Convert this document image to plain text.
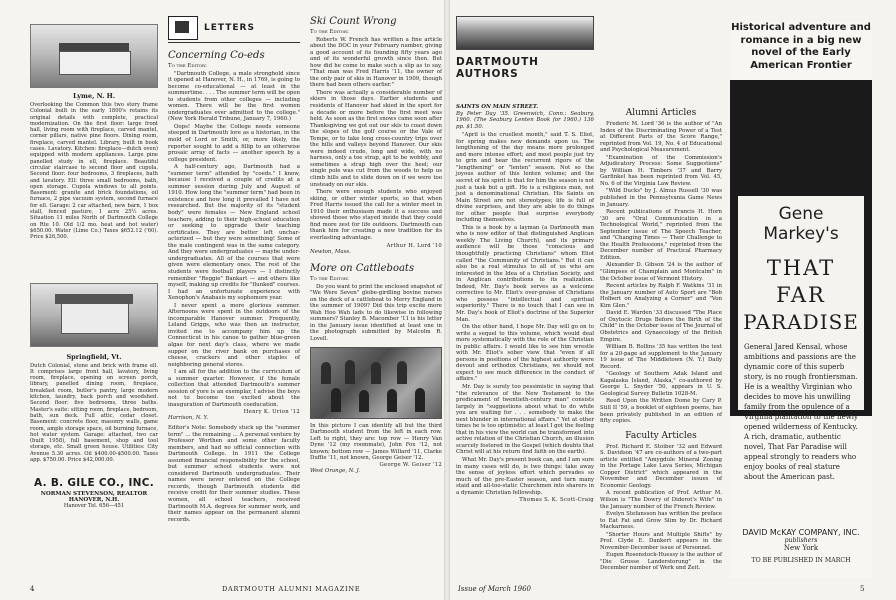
Lyme, N. H.
Overlooking the Common this two story frame Colonial built in the early 1800's retains its original details with complete, practical modernization. On the first floor: large front hall, living room with fireplace, carved mantel, corner pillars, native pine floors. Dining room, fireplace, carved mantel. Library, built in book cases. Lavatory. Kitchen: fireplace—dutch oven) equipped with modern appliances. Large pine panelled study in ell, fireplace. Beautiful circular staircase to second floor and cupola. Second floor: four bedrooms, 3 fireplaces, bath and lavatory. Ell: three small bedrooms, bath, open storage. Cupola windows to all points. Basement: granite and brick foundations, oil furnace, 2 pipe vacuum system, second furnace for ell. Garage: 2 car attached, new barn, 1 box stall, fenced pasture, 1 acre 25½ acres. Situation 11 miles North of Dartmouth College on Rte 10. Old 1/2 mo. heat and hot water) $650.00. Water (Lime Co.) Taxes $652.12 ('60). Price $26,500.
Springfield, Vt.
Dutch Colonial, stone and brick with frame ell. It comprises large front hall, lavatory, living room, fireplace, opening on screen porch, library, panelled dining room, fireplace, breakfast room, butler's pantry, large modern kitchen, laundry, back porch and woodshed. Second floor: five bedrooms, three baths. Master's suite: sitting room, fireplace, bedroom, bath, sun deck. Full attic, cedar closet. Basement: concrete floor, masonry walls, game room, ample storage space, oil burning furnace, hot water system. Garage: attached, two car (built 1958), full basement, shop and tool storage, etc. Small green house. Utilities: City Avenue 5.30 acres. Oil $400.00-$500.00. Taxes app. $750.00. Price $42,000.00.
A. B. GILE CO., INC.
NORMAN STEVENSON, REALTOR
HANOVER, N.H.
Hanover Tel. 656—451
LETTERS
Concerning Co-eds
To the Editor:

"Dartmouth College, a male stronghold since it opened at Hanover, N. H., in 1769, is going to become co-educational — at least in the summertime. . . . The summer term will be open to students from other colleges — including women. There will be the first women undergraduates ever admitted to the college." (New York Herald Tribune, January 7, 1960.)

Oops! Maybe the College needs someone steeped in Dartmouth lore as a historian, in the mold of Lord or Smith, or, more likely, the reporter sought to add a fillip to an otherwise prosaic array of facts — another speech by a college president.

A half-century ago, Dartmouth had a "summer term" attended by "coeds." I know, because I received a couple of credits at a summer session during July and August of 1910. How long the "summer term" had been in existence and how long it prevailed I have not researched. But the majority of its "student body" were females — New England school teachers, adding to their high-school education or seeking to upgrade their teaching certificates. They are better left unchar-acterized — but they were something! Some of the male contingent was in the same category. And they were undergraduates — maybe under-undergraduates. All of the courses that were given were elementary ones. The rest of the students were football players — I distinctly remember "Reggie" Bankart — and others like myself, making up credits for "flunked" courses. I had an unfortunate experience with Xenophon's Anabasis my sophomore year.

I never spent a more glorious summer. Afternoons were spent in the outdoors of the incomparable Hanover summer. Frequently, Leland Griggs, who was then an instructor, invited me to accompany him up the Connecticut in his canoe to gather blue-green algae for next day's class, where we made supper on the river bank on purchases of cheese, crackers and other staples of neighboring general stores.

I am all for the addition to the curriculum of a summer quarter. However, if the female collection that attended Dartmouth's summer session of yore is an exemplar, I advise the boys not to become too excited about the inauguration of Dartmouth coeducation.

Henry K. Urion '12
Harrison, N. Y.
Editor's Note: Somebody stuck up the "summer term" ... the remaining ... A personal venture by Professor Worthen and some other faculty members, and had no official connection with Dartmouth College. In 1911 the College assumed financial responsibility for the school, but summer school students were not considered Dartmouth undergraduates. Their names were never entered on the College records, though Dartmouth students did receive credit for their summer studies. These women, all school teachers, received Dartmouth M.A. degrees for summer work, and their names appear on the permanent alumni records.
Ski Count Wrong
To the Editor:

Roberts W. French has written a fine article about the DOC in your February number, giving a good account of its founding fifty years ago and of its wonderful growth since then. But how did he come to make such a slip as to say, "That man was Fred Harris '11, the owner of the only pair of skis in Hanover in 1909, though there had been others earlier."

There was actually a considerable number of skiers in those days. Earlier students and residents of Hanover had skied in the sport for a decade or more before the first meet was held. As soon as the first snows came soon after Thanksgiving we got out our skis to coast down the slopes of the golf course or the Vale of Tempe, or to take long cross-country trips over the hills and valleys beyond Hanover. Our skis were indeed crude, long and wide, with no harness, only a toe strap, apt to be wobbly, and sometimes a strap high over the heel; our single pole was cut from the woods to help us climb hills and to slide down on if we were too unsteady on our skis.

There were enough students who enjoyed skiing, or other winter sports, so that when Fred Harris issued the call for a winter meet in 1910 their enthusiasm made it a success and showed those who stayed inside that they could find more zest for life outdoors. Dartmouth can thank him for creating a new tradition for its everlasting advantage.

Arthur H. Lord '10
Newton, Mass.
More on Cattleboats
To the Editor:

Do you want to print the enclosed snapshot of "We Were Seven" globe-girdling bovine nurses on the deck of a cattleboat to Merry England in the summer of 1909? Did this trip excite more Wah Hoo Wah lads to do likewise in following summers? Stanley B. Macomber '11 is his letter in the January issue identified at least one in the photograph submitted by Malcolm R. Lovell.

In this picture I can identify all but the third Dartmouth student from the left in each row. Left to right, they are: top row — Henry Van Dyne '12 (my roommate), John Fox '12, not known; bottom row — James Willard '11, Clarke Duffie '11, not known, George Geiser '12.
George W. Geiser '12
West Orange, N. J.
4	DARTMOUTH ALUMNI MAGAZINE
DARTMOUTH AUTHORS
SAINTS ON MAIN STREET.
By Peter Day '35. Greenwich, Conn.: Seabury, 1960. (The Seabury Lenten Book for 1960.) 136 pp. $1.50.

"April is the cruellest month," said T. S. Eliot, for spring makes new demands upon us. The lengthening of the day means more prolonged and more intense effort; and most people just try to grin and bear the recurrent rigors of the "lengthening" or "lenten" season. Not so the joyous author of this lenten volume; and the secret of his spirit is that for him the season is not just a task but a gift. He is a religious man, not just a denominational Christian. His Saints on Main Street are not stereotypes; life is full of divine surprises, and they are able to do things for other people that surprise everybody including themselves.

This is a book by a layman (a Dartmouth man who is now editor of that distinguished Anglican weekly The Living Church), and its primary audience will be those "conscious and thoughtfully practicing Christians" whom Eliot called "the Community of Christians." But it can also be a real stimulus to all of us who are interested in the Idea of a Christian Society, and in Anglican contributions to its realization. Indeed, Mr. Day's book serves as a welcome corrective to Mr. Eliot's over-praise of Christians who possess "intellectual and spiritual superiority." There is no touch that I can see in Mr. Day's book of Eliot's doctrine of the Superior Man.

On the other hand, I hope Mr. Day will go on to write a sequel to this volume, which would deal more systematically with the role of the Christian in public affairs. I would like to see him wrestle with Mr. Eliot's sober view that "even if all persons in positions of the highest authority were devout and orthodox Christians, we should not expect to see much difference in the conduct of affairs."

Mr. Day is surely too pessimistic in saying that "the relevance of the New Testament to the predicament of twentieth-century man" consists largely in "suggestions about what to do while you are waiting for . . . somebody to make the next blunder in international affairs." Yet at other times he is too optimistic: at least I got the feeling that in his view the world can be transformed into active relation of the Christian Church, an illusion scarcely fostered in the Gospel (which doubts that Christ will at his return find faith on the earth).

What Mr. Day's present book can, and I am sure in many cases will do, is two things: take away the sense of joyless effort which pervades so much of the pre-Easter season, and turn many staid and all-too-static Churchmen into sharers in a dynamic Christian fellowship.

Thomas S. K. Scott-Craig
Alumni Articles

Frederic M. Lord '36 is the author of "An Index of the Discriminating Power of a Test at Different Parts of the Score Range," reprinted from Vol. 19, No. 4 of Educational and Psychological Measurement.

"Examination of the Commission's Adjudicatory Process: Some Suggestions" by William H. Timbers '37 and Barry Garfinkel has been reprinted from Vol. 45, No. 6 of the Virginia Law Review.

"Wild Ducks" by J. Almus Russell '30 was published in the Pennsylvania Game News in January.

Recent publications of Francis H. Horn '30 are "Oral Communication in a Technological World," reprinted from the September issue of The Speech Teacher, and "Changing Times — Their Challenge to the Health Professions," reprinted from the December number of Practical Pharmacy Edition.

Alexander D. Gibson '24 is the author of "Glimpses of Champlain and Montcalm" in the October issue of Vermont History.

Recent articles by Ralph F. Watkins '31 in the January number of Auto Sport are "Bob Holbert on Analyzing a Corner" and "Von Kim Glen."

David E. Warden '33 discussed "The Place of Oxytocic Drugs Before the Birth of the Child" in the October issue of The Journal of Obstetrics and Gynaecology of the British Empire.

William B. Rollins '35 has written the text for a 20-page ad supplement to the January 19 issue of The Middletown (N. Y.) Daily Record.

"Geology of Southern Adak Island and Kagalaska Island, Alaska," co-authored by George L. Snyder '50, appears in U. S. Geological Survey Bulletin 1028-M.

Reed Upon the Written Dome by Cary P. Still II '59, a booklet of eighteen poems, has been privately published in an edition of fifty copies.

Faculty Articles

Prof. Richard E. Stoiber '32 and Edward S. Davidson '47 are co-authors of a two-part article entitled "Amygdule Mineral Zoning in the Portage Lake Lava Series, Michigan Copper District" which appeared in the November and December issues of Economic Geology.

A recent publication of Prof. Arthur M. Wilson is "The Dowry of Diderot's Wife" in the January number of the French Review.

Evelyn Stefansson has written the preface to Eat Fat and Grow Slim by Dr. Richard Mackarness.

"Shorter Hours and Multiple Shifts" by Prof. Clyde E. Dankert appears in the November-December issue of Personnel.

Eugen Rosenstock-Huessy is the author of "Die Grosse Landerstorung" in the December number of Werk und Zeit.

Historical adventure and romance in a big new novel of the Early American Frontier
Gene
Markey's
THAT
FAR
PARADISE
General Jared Kensal, whose ambitions and passions are the dynamic core of this superb story, is no rough frontiersman. He is a wealthy Virginian who decides to move his unwilling family from the opulence of a Virginia plantation to the newly opened wilderness of Kentucky. A rich, dramatic, authentic novel, That Far Paradise will appeal strongly to readers who enjoy books of real stature about the American past.
DAVID McKAY COMPANY, INC.
publishers
New York
TO BE PUBLISHED IN MARCH
Issue of March 1960	5
